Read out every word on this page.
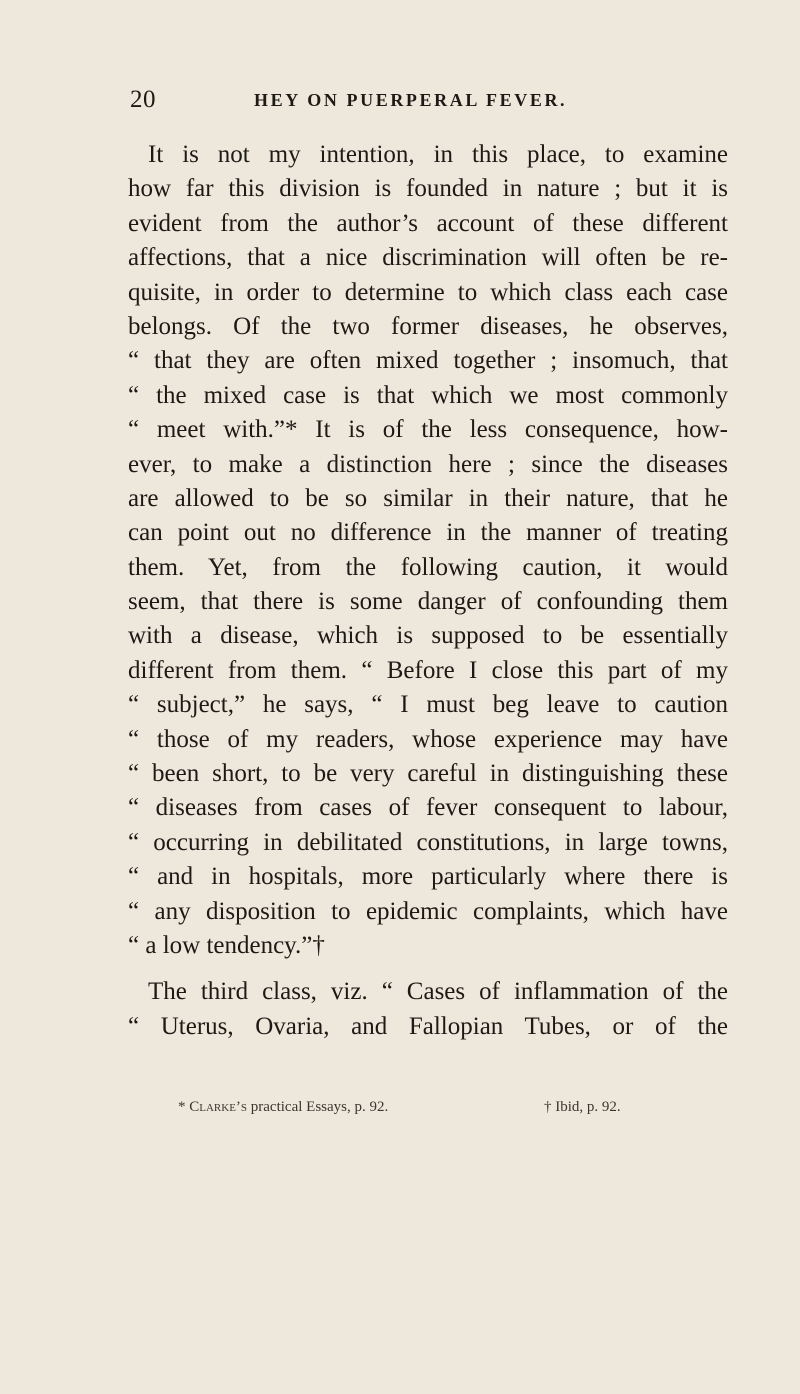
20	HEY ON PUERPERAL FEVER.
It is not my intention, in this place, to examine
how far this division is founded in nature ; but it is
evident from the author’s account of these different
affections, that a nice discrimination will often be re-
quisite, in order to determine to which class each case
belongs. Of the two former diseases, he observes,
“ that they are often mixed together ; insomuch, that
“ the mixed case is that which we most commonly
“ meet with.”* It is of the less consequence, how-
ever, to make a distinction here ; since the diseases
are allowed to be so similar in their nature, that he
can point out no difference in the manner of treating
them. Yet, from the following caution, it would
seem, that there is some danger of confounding them
with a disease, which is supposed to be essentially
different from them. “ Before I close this part of my
“ subject,” he says, “ I must beg leave to caution
“ those of my readers, whose experience may have
“ been short, to be very careful in distinguishing these
“ diseases from cases of fever consequent to labour,
“ occurring in debilitated constitutions, in large towns,
“ and in hospitals, more particularly where there is
“ any disposition to epidemic complaints, which have
“ a low tendency.”†
The third class, viz. “ Cases of inflammation of the
“ Uterus, Ovaria, and Fallopian Tubes, or of the
* Clarke’s practical Essays, p. 92.	† Ibid, p. 92.
